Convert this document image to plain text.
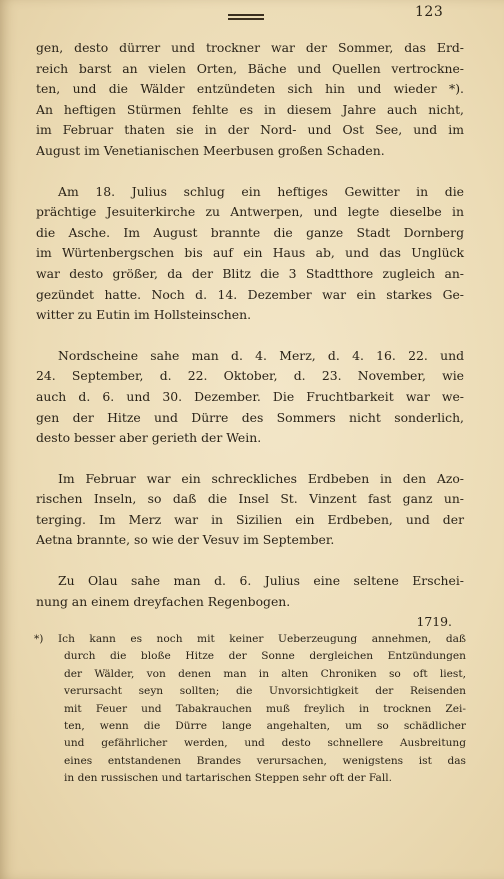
123
gen, desto dürrer und trockner war der Sommer, das Erd-
reich barst an vielen Orten, Bäche und Quellen vertrockne-
ten, und die Wälder entzündeten sich hin und wieder *).
An heftigen Stürmen fehlte es in diesem Jahre auch nicht,
im Februar thaten sie in der Nord- und Ost See, und im
August im Venetianischen Meerbusen großen Schaden.
Am 18. Julius schlug ein heftiges Gewitter in die
prächtige Jesuiterkirche zu Antwerpen, und legte dieselbe in
die Asche. Im August brannte die ganze Stadt Dornberg
im Würtenbergschen bis auf ein Haus ab, und das Unglück
war desto größer, da der Blitz die 3 Stadtthore zugleich an-
gezündet hatte. Noch d. 14. Dezember war ein starkes Ge-
witter zu Eutin im Hollsteinschen.
Nordscheine sahe man d. 4. Merz, d. 4. 16. 22. und
24. September, d. 22. Oktober, d. 23. November, wie
auch d. 6. und 30. Dezember. Die Fruchtbarkeit war we-
gen der Hitze und Dürre des Sommers nicht sonderlich,
desto besser aber gerieth der Wein.
Im Februar war ein schreckliches Erdbeben in den Azo-
rischen Inseln, so daß die Insel St. Vinzent fast ganz un-
terging. Im Merz war in Sizilien ein Erdbeben, und der
Aetna brannte, so wie der Vesuv im September.
Zu Olau sahe man d. 6. Julius eine seltene Erschei-
nung an einem dreyfachen Regenbogen.
1719.
*) Ich kann es noch mit keiner Ueberzeugung annehmen, daß
durch die bloße Hitze der Sonne dergleichen Entzündungen
der Wälder, von denen man in alten Chroniken so oft liest,
verursacht seyn sollten; die Unvorsichtigkeit der Reisenden
mit Feuer und Tabakrauchen muß freylich in trocknen Zei-
ten, wenn die Dürre lange angehalten, um so schädlicher
und gefährlicher werden, und desto schnellere Ausbreitung
eines entstandenen Brandes verursachen, wenigstens ist das
in den russischen und tartarischen Steppen sehr oft der Fall.
